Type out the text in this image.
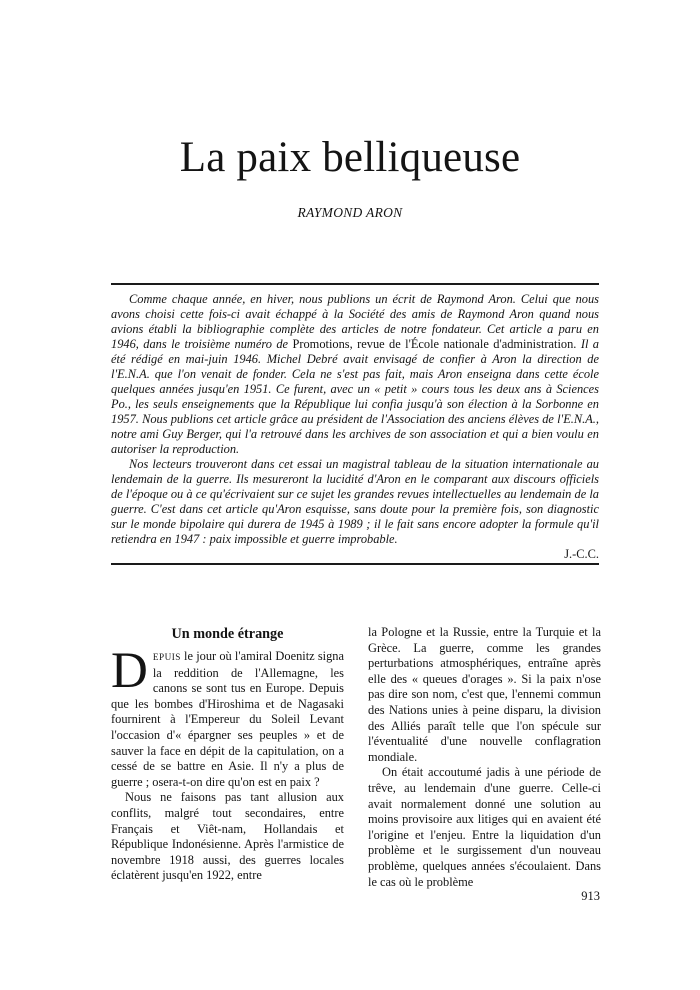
La paix belliqueuse
RAYMOND ARON

Comme chaque année, en hiver, nous publions un écrit de Raymond Aron. Celui que nous avons choisi cette fois-ci avait échappé à la Société des amis de Raymond Aron quand nous avions établi la bibliographie complète des articles de notre fondateur. Cet article a paru en 1946, dans le troisième numéro de Promotions, revue de l'École nationale d'administration. Il a été rédigé en mai-juin 1946. Michel Debré avait envisagé de confier à Aron la direction de l'E.N.A. que l'on venait de fonder. Cela ne s'est pas fait, mais Aron enseigna dans cette école quelques années jusqu'en 1951. Ce furent, avec un « petit » cours tous les deux ans à Sciences Po., les seuls enseignements que la République lui confia jusqu'à son élection à la Sorbonne en 1957. Nous publions cet article grâce au président de l'Association des anciens élèves de l'E.N.A., notre ami Guy Berger, qui l'a retrouvé dans les archives de son association et qui a bien voulu en autoriser la reproduction.

Nos lecteurs trouveront dans cet essai un magistral tableau de la situation internationale au lendemain de la guerre. Ils mesureront la lucidité d'Aron en le comparant aux discours officiels de l'époque ou à ce qu'écrivaient sur ce sujet les grandes revues intellectuelles au lendemain de la guerre. C'est dans cet article qu'Aron esquisse, sans doute pour la première fois, son diagnostic sur le monde bipolaire qui durera de 1945 à 1989 ; il le fait sans encore adopter la formule qu'il retiendra en 1947 : paix impossible et guerre improbable.

J.-C.C.
Un monde étrange

DEPUIS le jour où l'amiral Doenitz signa la reddition de l'Allemagne, les canons se sont tus en Europe. Depuis que les bombes d'Hiroshima et de Nagasaki fournirent à l'Empereur du Soleil Levant l'occasion d'« épargner ses peuples » et de sauver la face en dépit de la capitulation, on a cessé de se battre en Asie. Il n'y a plus de guerre ; osera-t-on dire qu'on est en paix ?

Nous ne faisons pas tant allusion aux conflits, malgré tout secondaires, entre Français et Viêt-nam, Hollandais et République Indonésienne. Après l'armistice de novembre 1918 aussi, des guerres locales éclatèrent jusqu'en 1922, entre

la Pologne et la Russie, entre la Turquie et la Grèce. La guerre, comme les grandes perturbations atmosphériques, entraîne après elle des « queues d'orages ». Si la paix n'ose pas dire son nom, c'est que, l'ennemi commun des Nations unies à peine disparu, la division des Alliés paraît telle que l'on spécule sur l'éventualité d'une nouvelle conflagration mondiale.

On était accoutumé jadis à une période de trêve, au lendemain d'une guerre. Celle-ci avait normalement donné une solution au moins provisoire aux litiges qui en avaient été l'origine et l'enjeu. Entre la liquidation d'un problème et le surgissement d'un nouveau problème, quelques années s'écoulaient. Dans le cas où le problème

913
